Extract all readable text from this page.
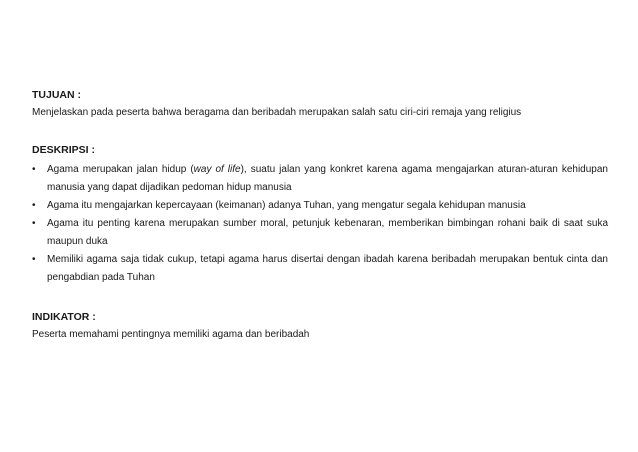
TUJUAN :

Menjelaskan pada peserta bahwa beragama dan beribadah merupakan salah satu ciri-ciri remaja yang religius

DESKRIPSI :

• Agama merupakan jalan hidup (way of life), suatu jalan yang konkret karena agama mengajarkan aturan-aturan kehidupan manusia yang dapat dijadikan pedoman hidup manusia
• Agama itu mengajarkan kepercayaan (keimanan) adanya Tuhan, yang mengatur segala kehidupan manusia
• Agama itu penting karena merupakan sumber moral, petunjuk kebenaran, memberikan bimbingan rohani baik di saat suka maupun duka
• Memiliki agama saja tidak cukup, tetapi agama harus disertai dengan ibadah karena beribadah merupakan bentuk cinta dan pengabdian pada Tuhan

INDIKATOR :

Peserta memahami pentingnya memiliki agama dan beribadah
